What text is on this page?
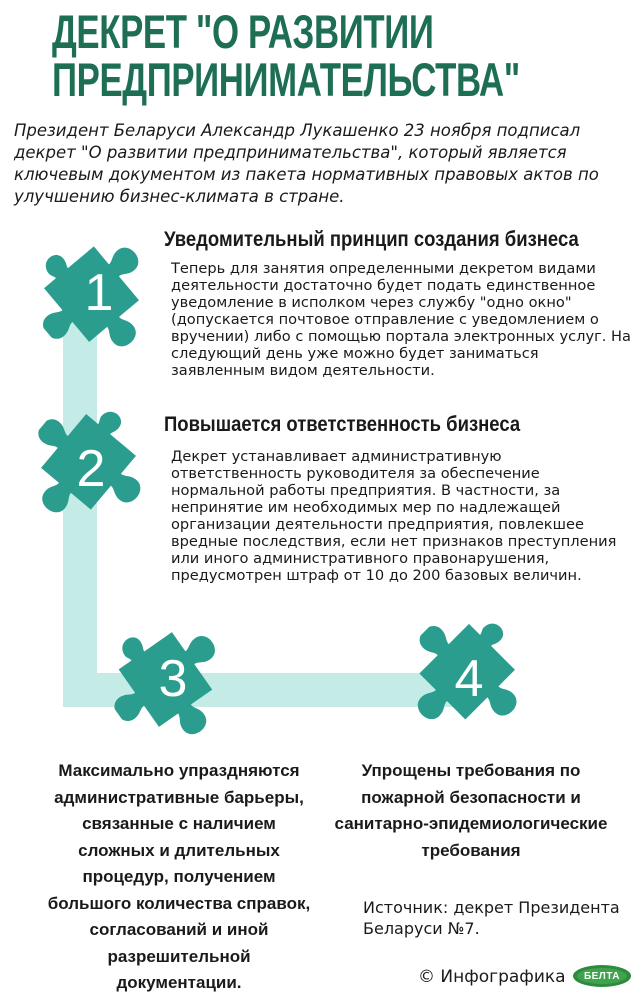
ДЕКРЕТ "О РАЗВИТИИ
ПРЕДПРИНИМАТЕЛЬСТВА"
Президент Беларуси Александр Лукашенко 23 ноября подписал декрет "О развитии предпринимательства", который является ключевым документом из пакета нормативных правовых актов по улучшению бизнес-климата в стране.
1
2
3	4
Уведомительный принцип создания бизнеса
Теперь для занятия определенными декретом видами деятельности достаточно будет подать единственное уведомление в исполком через службу "одно окно" (допускается почтовое отправление с уведомлением о вручении) либо с помощью портала электронных услуг. На следующий день уже можно будет заниматься заявленным видом деятельности.
Повышается ответственность бизнеса
Декрет устанавливает административную ответственность руководителя за обеспечение нормальной работы предприятия. В частности, за непринятие им необходимых мер по надлежащей организации деятельности предприятия, повлекшее вредные последствия, если нет признаков преступления или иного административного правонарушения, предусмотрен штраф от 10 до 200 базовых величин.
Максимально упраздняются административные барьеры, связанные с наличием сложных и длительных процедур, получением большого количества справок, согласований и иной разрешительной документации.
Упрощены требования по пожарной безопасности и санитарно-эпидемиологические требования
Источник: декрет Президента Беларуси №7.
© Инфографика	БЕЛТА
